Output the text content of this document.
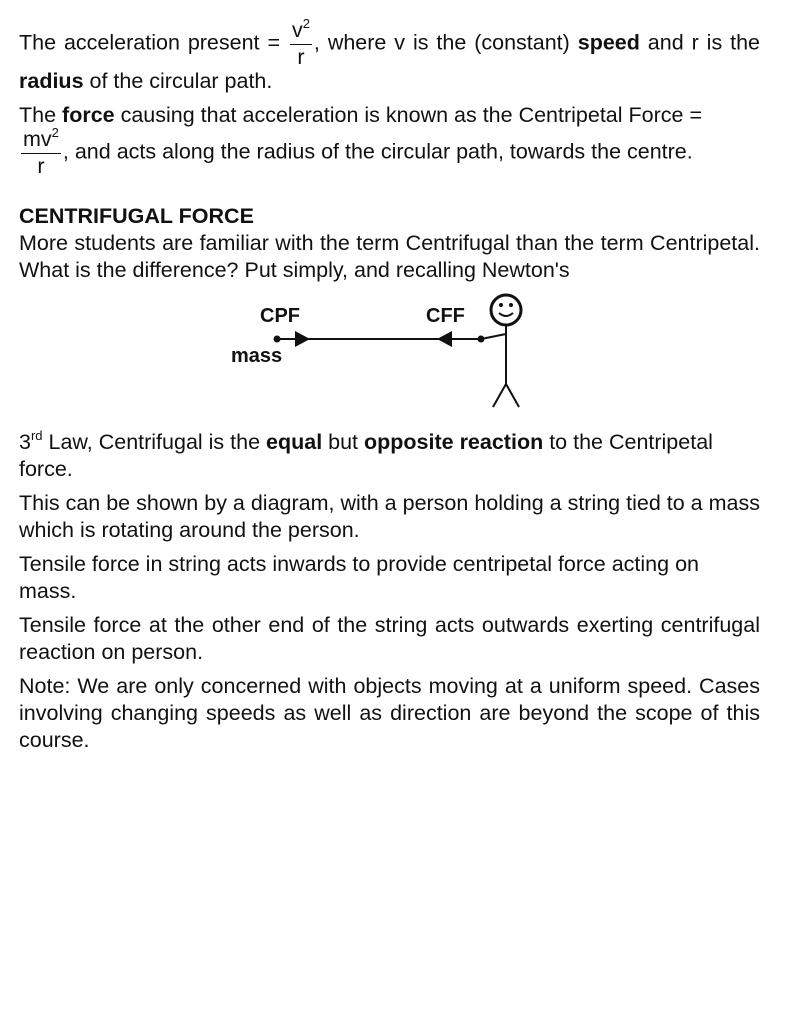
The acceleration present = $\frac{v^2}{r}$ , where v is the (constant) speed and r is the radius of the circular path.

The force causing that acceleration is known as the Centripetal Force =

$\frac{mv^2}{r}$ , and acts along the radius of the circular path, towards the centre.

CENTRIFUGAL FORCE

More students are familiar with the term Centrifugal than the term Centripetal. What is the difference? Put simply, and recalling Newton's

CPF	CFF
mass

3rd Law, Centrifugal is the equal but opposite reaction to the Centripetal force.

This can be shown by a diagram, with a person holding a string tied to a mass which is rotating around the person.

Tensile force in string acts inwards to provide centripetal force acting on mass.

Tensile force at the other end of the string acts outwards exerting centrifugal reaction on person.

Note: We are only concerned with objects moving at a uniform speed. Cases involving changing speeds as well as direction are beyond the scope of this course.
